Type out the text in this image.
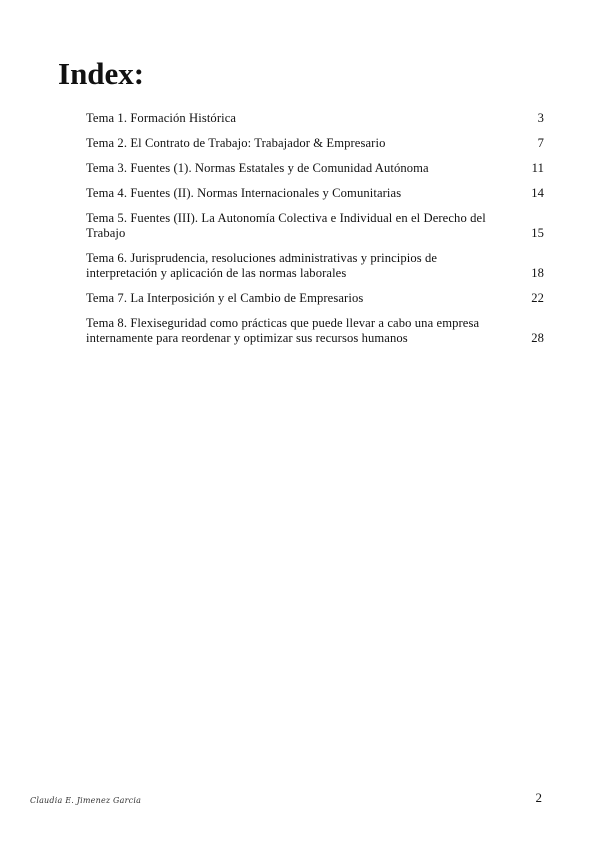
Index:
Tema 1. Formación Histórica	3
Tema 2. El Contrato de Trabajo: Trabajador & Empresario	7
Tema 3. Fuentes (1). Normas Estatales y de Comunidad Autónoma	11
Tema 4. Fuentes (II). Normas Internacionales y Comunitarias	14
Tema 5. Fuentes (III). La Autonomía Colectiva e Individual en el Derecho del Trabajo	15
Tema 6. Jurisprudencia, resoluciones administrativas y principios de interpretación y aplicación de las normas laborales	18
Tema 7. La Interposición y el Cambio de Empresarios	22
Tema 8. Flexiseguridad como prácticas que puede llevar a cabo una empresa internamente para reordenar y optimizar sus recursos humanos	28
Claudia E. Jimenez Garcia	2
